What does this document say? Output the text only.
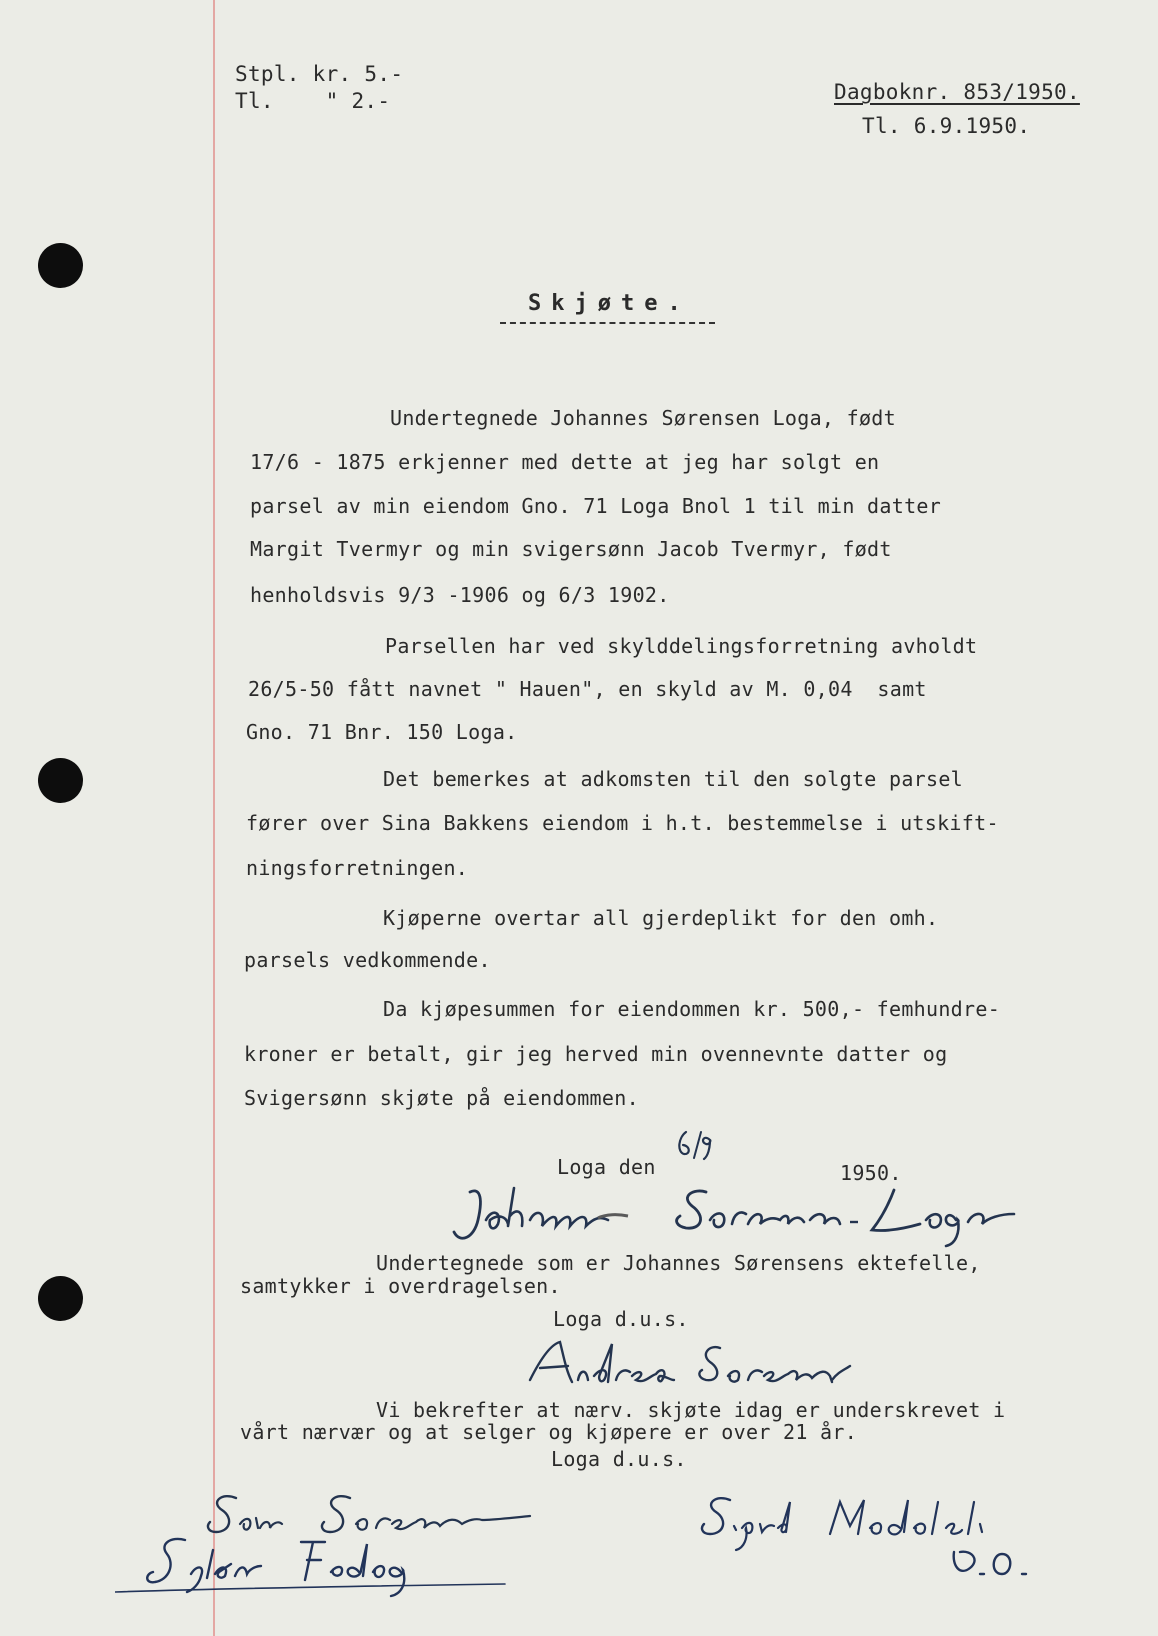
Stpl. kr. 5.-
Tl.    " 2.-	Dagboknr. 853/1950.
Tl. 6.9.1950.
Skjøte.
Undertegnede Johannes Sørensen Loga, født
17/6 - 1875 erkjenner med dette at jeg har solgt en
parsel av min eiendom Gno. 71 Loga Bnol 1 til min datter
Margit Tvermyr og min svigersønn Jacob Tvermyr, født
henholdsvis 9/3 -1906 og 6/3 1902.
Parsellen har ved skylddelingsforretning avholdt
26/5-50 fått navnet " Hauen", en skyld av M. 0,04  samt
Gno. 71 Bnr. 150 Loga.
Det bemerkes at adkomsten til den solgte parsel
fører over Sina Bakkens eiendom i h.t. bestemmelse i utskift-
ningsforretningen.
Kjøperne overtar all gjerdeplikt for den omh.
parsels vedkommende.
Da kjøpesummen for eiendommen kr. 500,- femhundre-
kroner er betalt, gir jeg herved min ovennevnte datter og
Svigersønn skjøte på eiendommen.
Loga den	1950.
Undertegnede som er Johannes Sørensens ektefelle,
samtykker i overdragelsen.
Loga d.u.s.
Vi bekrefter at nærv. skjøte idag er underskrevet i
vårt nærvær og at selger og kjøpere er over 21 år.
Loga d.u.s.
